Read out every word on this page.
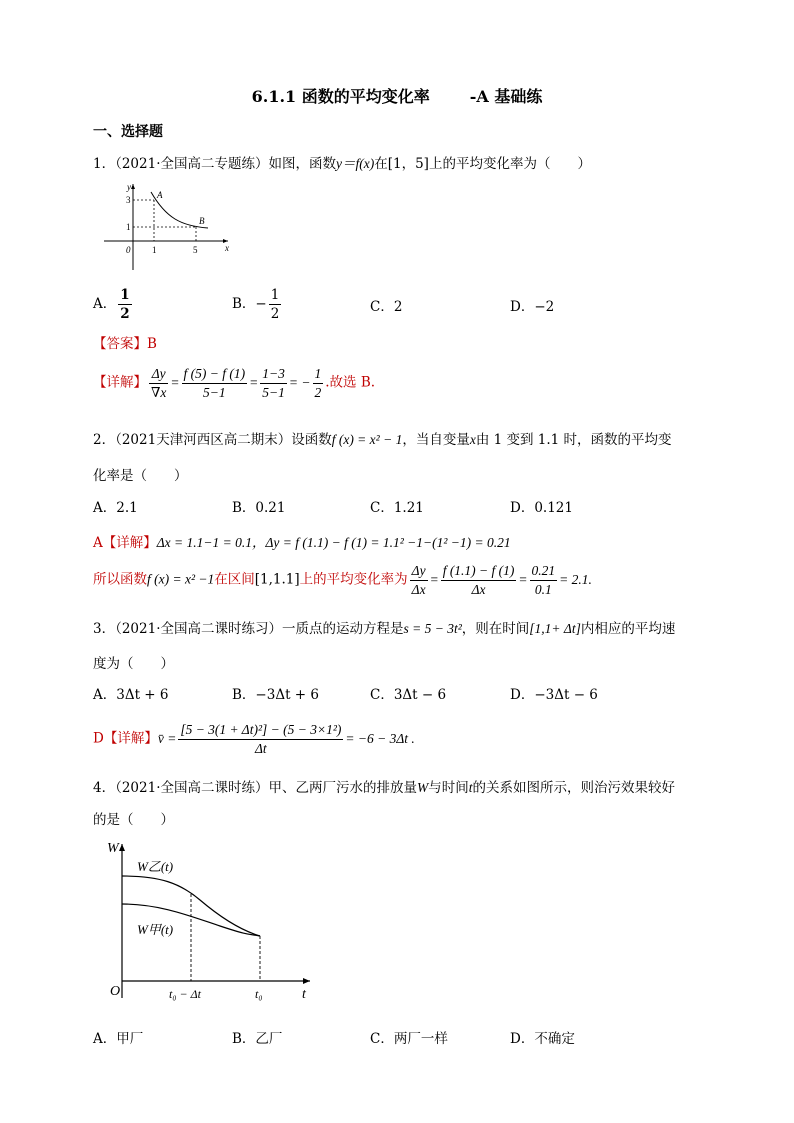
6.1.1 函数的平均变化率	-A 基础练
一、选择题
1．（2021·全国高二专题练）如图，函数y＝f(x)在[1，5]上的平均变化率为（　　）
y
x
0
3
1
1	5
A
B
A． $\frac{1}{2}$	B．− $\frac{1}{2}$	C．2	D．−2
【答案】B
【详解】 $\frac{\Delta y}{\nabla x} = \frac{f (5) - f (1)}{5-1} = \frac{1-3}{5-1}$ = − $\frac{1}{2}$ .故选 B.
2．（2021天津河西区高二期末）设函数f (x) = x² − 1，当自变量x由 1 变到 1.1 时，函数的平均变
化率是（　　）
A．2.1	B．0.21	C．1.21	D．0.121
A【详解】Δx = 1.1−1 = 0.1，Δy = f (1.1) − f (1) = 1.1² −1−(1² −1) = 0.21
所以函数f (x) = x² −1在区间[1,1.1]上的平均变化率为 $\frac{\Delta y}{\Delta x} = \frac{f (1.1) - f (1)}{\Delta x} = \frac{0.21}{0.1} = 2.1$.
3．（2021·全国高二课时练习）一质点的运动方程是s = 5 − 3t²，则在时间[1,1+ Δt]内相应的平均速
度为（　　）
A．3Δt + 6	B．−3Δt + 6	C．3Δt − 6	D．−3Δt − 6
D【详解】v̄ = $\frac{\text{[5 − 3(1 + Δt)²] − (5 − 3×1²)}}{\Delta t} = -6 - 3\Delta t$ .
4．（2021·全国高二课时练）甲、乙两厂污水的排放量W与时间t的关系如图所示，则治污效果较好
的是（　　）
W
t
O
W乙(t)
W甲(t)
t₀ − Δt	t₀
A．甲厂	B．乙厂	C．两厂一样	D．不确定
